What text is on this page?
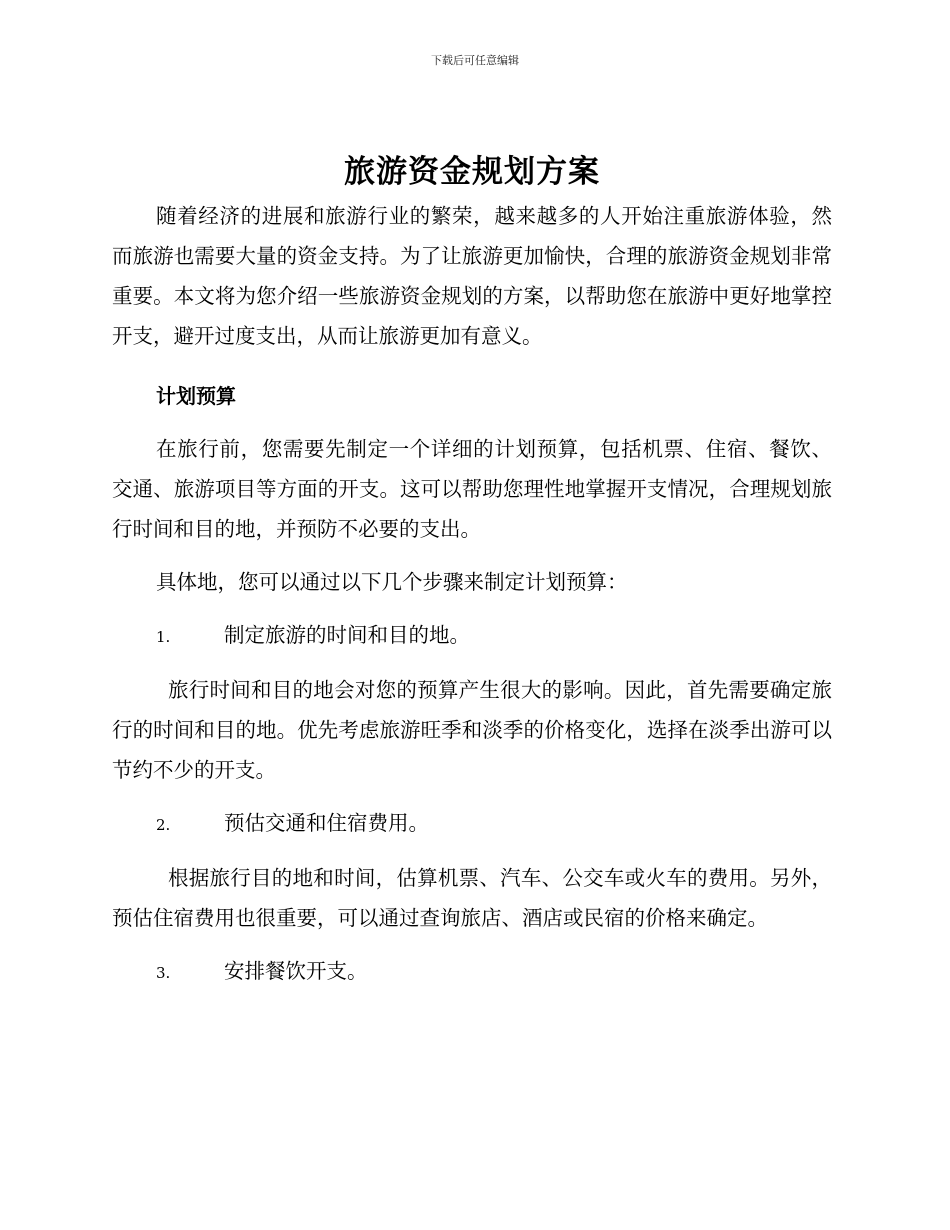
下载后可任意编辑
旅游资金规划方案

随着经济的进展和旅游行业的繁荣，越来越多的人开始注重旅游体验，然而旅游也需要大量的资金支持。为了让旅游更加愉快，合理的旅游资金规划非常重要。本文将为您介绍一些旅游资金规划的方案，以帮助您在旅游中更好地掌控开支，避开过度支出，从而让旅游更加有意义。

计划预算

在旅行前，您需要先制定一个详细的计划预算，包括机票、住宿、餐饮、交通、旅游项目等方面的开支。这可以帮助您理性地掌握开支情况，合理规划旅行时间和目的地，并预防不必要的支出。

具体地，您可以通过以下几个步骤来制定计划预算：

1.	制定旅游的时间和目的地。

旅行时间和目的地会对您的预算产生很大的影响。因此，首先需要确定旅行的时间和目的地。优先考虑旅游旺季和淡季的价格变化，选择在淡季出游可以节约不少的开支。

2.	预估交通和住宿费用。

根据旅行目的地和时间，估算机票、汽车、公交车或火车的费用。另外，预估住宿费用也很重要，可以通过查询旅店、酒店或民宿的价格来确定。

3.	安排餐饮开支。
